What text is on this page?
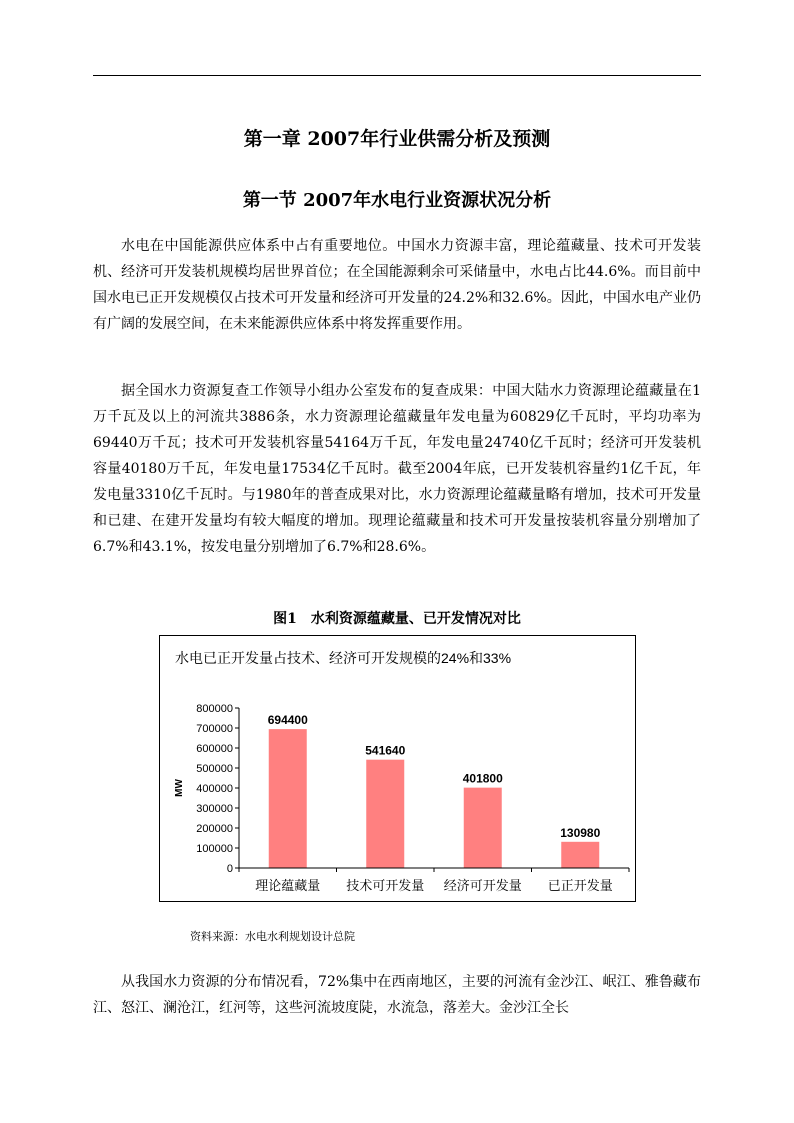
第一章 2007年行业供需分析及预测
第一节 2007年水电行业资源状况分析

水电在中国能源供应体系中占有重要地位。中国水力资源丰富，理论蕴藏量、技术可开发装机、经济可开发装机规模均居世界首位；在全国能源剩余可采储量中，水电占比44.6%。而目前中国水电已正开发规模仅占技术可开发量和经济可开发量的24.2%和32.6%。因此，中国水电产业仍有广阔的发展空间，在未来能源供应体系中将发挥重要作用。

据全国水力资源复查工作领导小组办公室发布的复查成果：中国大陆水力资源理论蕴藏量在1万千瓦及以上的河流共3886条，水力资源理论蕴藏量年发电量为60829亿千瓦时，平均功率为69440万千瓦；技术可开发装机容量54164万千瓦，年发电量24740亿千瓦时；经济可开发装机容量40180万千瓦，年发电量17534亿千瓦时。截至2004年底，已开发装机容量约1亿千瓦，年发电量3310亿千瓦时。与1980年的普查成果对比，水力资源理论蕴藏量略有增加，技术可开发量和已建、在建开发量均有较大幅度的增加。现理论蕴藏量和技术可开发量按装机容量分别增加了6.7%和43.1%，按发电量分别增加了6.7%和28.6%。

图1　水利资源蕴藏量、已开发情况对比
水电已正开发量占技术、经济可开发规模的24%和33%
MW
0
100000
200000
300000
400000
500000
600000
700000
800000
694400
541640
401800
130980
理论蕴藏量 技术可开发量 经济可开发量 已正开发量
资料来源：水电水利规划设计总院

从我国水力资源的分布情况看，72%集中在西南地区，主要的河流有金沙江、岷江、雅鲁藏布江、怒江、澜沧江，红河等，这些河流坡度陡，水流急，落差大。金沙江全长
